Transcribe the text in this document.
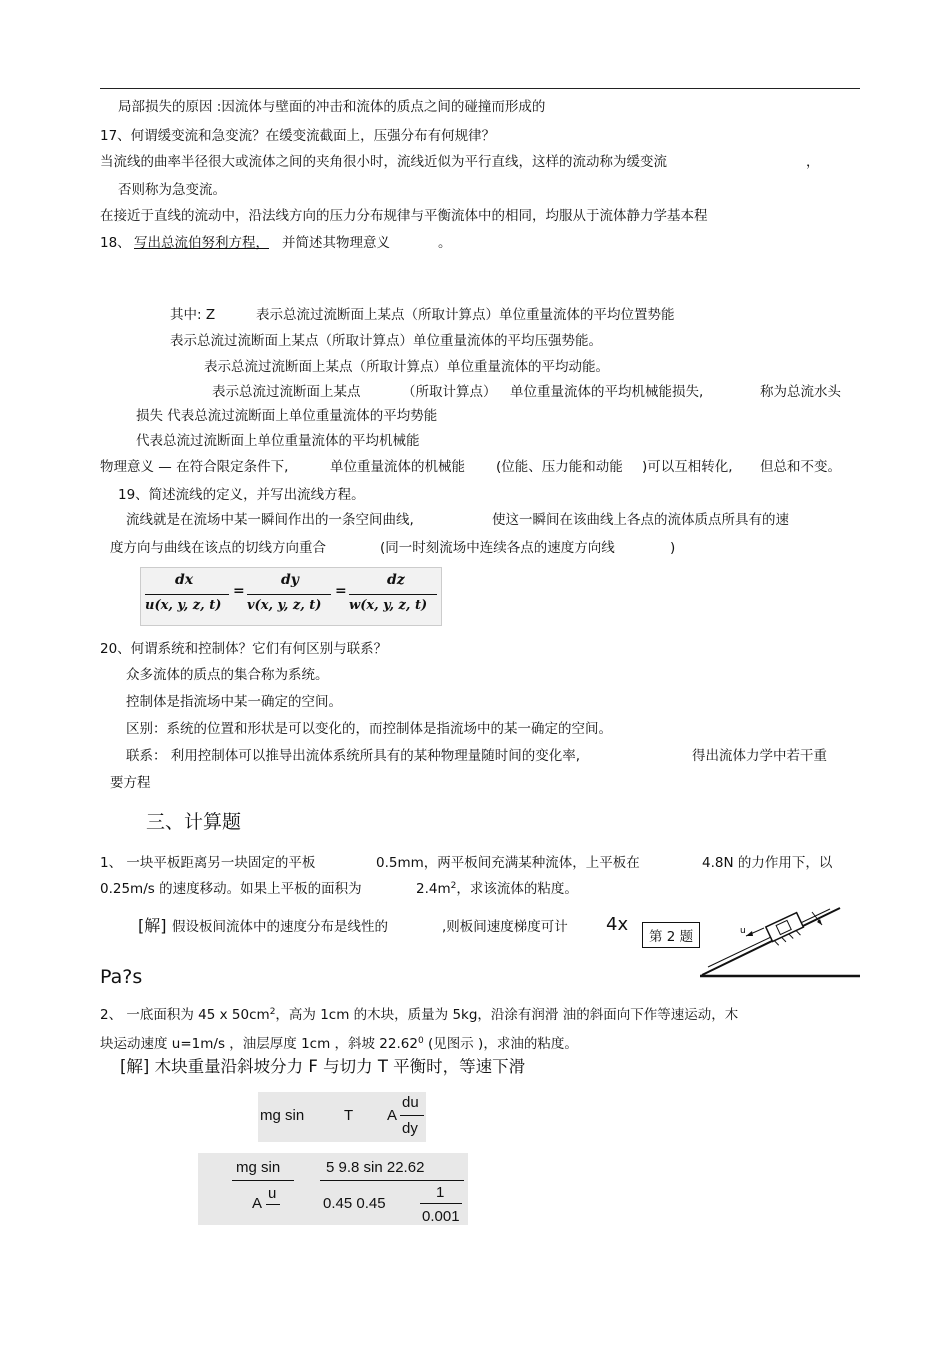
局部损失的原因 :因流体与壁面的冲击和流体的质点之间的碰撞而形成的
17、何谓缓变流和急变流？在缓变流截面上，压强分布有何规律？
当流线的曲率半径很大或流体之间的夹角很小时，流线近似为平行直线，这样的流动称为缓变流	，
否则称为急变流。
在接近于直线的流动中，沿法线方向的压力分布规律与平衡流体中的相同，均服从于流体静力学基本程
18、 写出总流伯努利方程， 并简述其物理意义	。
其中: Z	表示总流过流断面上某点（所取计算点）单位重量流体的平均位置势能
表示总流过流断面上某点（所取计算点）单位重量流体的平均压强势能。
表示总流过流断面上某点（所取计算点）单位重量流体的平均动能。
表示总流过流断面上某点	（所取计算点） 单位重量流体的平均机械能损失,	称为总流水头
损失 代表总流过流断面上单位重量流体的平均势能
代表总流过流断面上单位重量流体的平均机械能
物理意义 — 在符合限定条件下,	单位重量流体的机械能 (位能、压力能和动能 )可以互相转化, 但总和不变。
19、简述流线的定义，并写出流线方程。
流线就是在流场中某一瞬间作出的一条空间曲线,	使这一瞬间在该曲线上各点的流体质点所具有的速
度方向与曲线在该点的切线方向重合	(同一时刻流场中连续各点的速度方向线	)
dx
u(x, y, z, t)
=
dy
v(x, y, z, t)
=
dz
w(x, y, z, t)
20、何谓系统和控制体？它们有何区别与联系？
众多流体的质点的集合称为系统。
控制体是指流场中某一确定的空间。
区别：系统的位置和形状是可以变化的，而控制体是指流场中的某一确定的空间。
联系： 利用控制体可以推导出流体系统所具有的某种物理量随时间的变化率,	得出流体力学中若干重
要方程
三、计算题
1、 一块平板距离另一块固定的平板	0.5mm，两平板间充满某种流体，上平板在	4.8N 的力作用下，以
0.25m/s 的速度移动。如果上平板的面积为	$2.4m^2$，求该流体的粘度。
[解] 假设板间流体中的速度分布是线性的	,则板间速度梯度可计 4x
第 2 题	u
Pa?s
2、 一底面积为 45 x $50cm^2$，高为 1cm 的木块，质量为 5kg，沿涂有润滑 油的斜面向下作等速运动，木
块运动速度 u=1m/s ，油层厚度 1cm ，斜坡 22.62$^0$ (见图示 )，求油的粘度。
[解] 木块重量沿斜坡分力 F 与切力 T 平衡时，等速下滑
mg sin	T A
du
dy
mg sin
A
u
5 9.8 sin 22.62
0.45 0.45
1
0.001
